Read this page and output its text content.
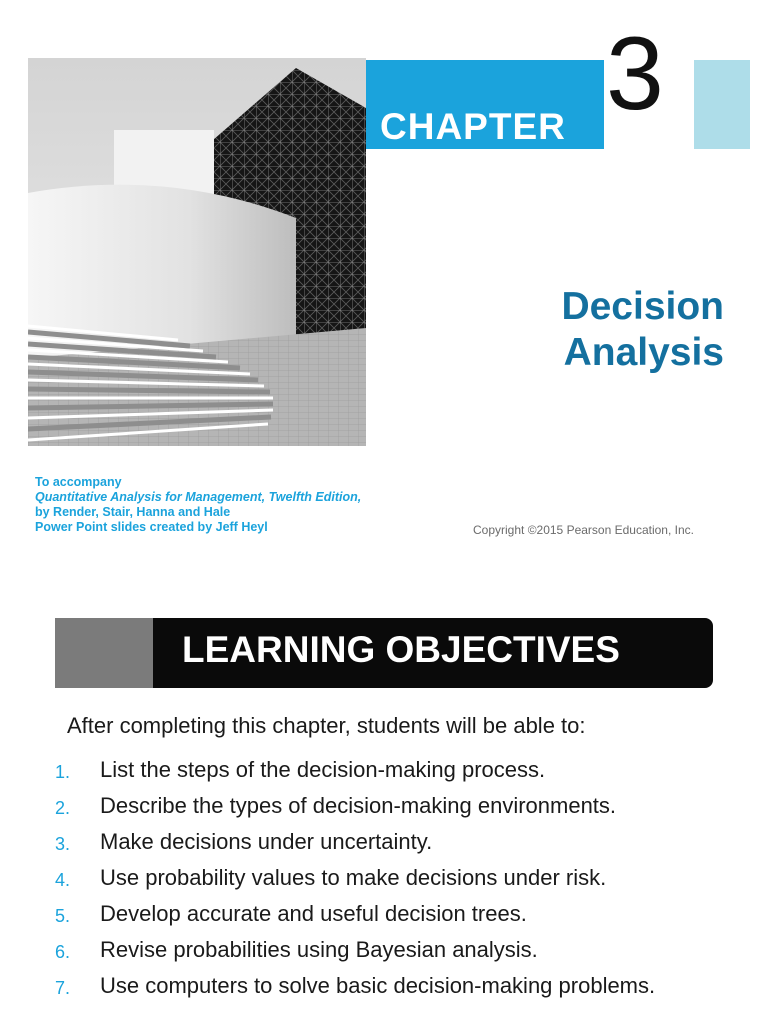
CHAPTER 3
Decision
Analysis
To accompany
Quantitative Analysis for Management, Twelfth Edition,
by Render, Stair, Hanna and Hale
Power Point slides created by Jeff Heyl	Copyright ©2015 Pearson Education, Inc.
LEARNING OBJECTIVES
After completing this chapter, students will be able to:
1.	List the steps of the decision-making process.
2.	Describe the types of decision-making environments.
3.	Make decisions under uncertainty.
4.	Use probability values to make decisions under risk.
5.	Develop accurate and useful decision trees.
6.	Revise probabilities using Bayesian analysis.
7.	Use computers to solve basic decision-making problems.
